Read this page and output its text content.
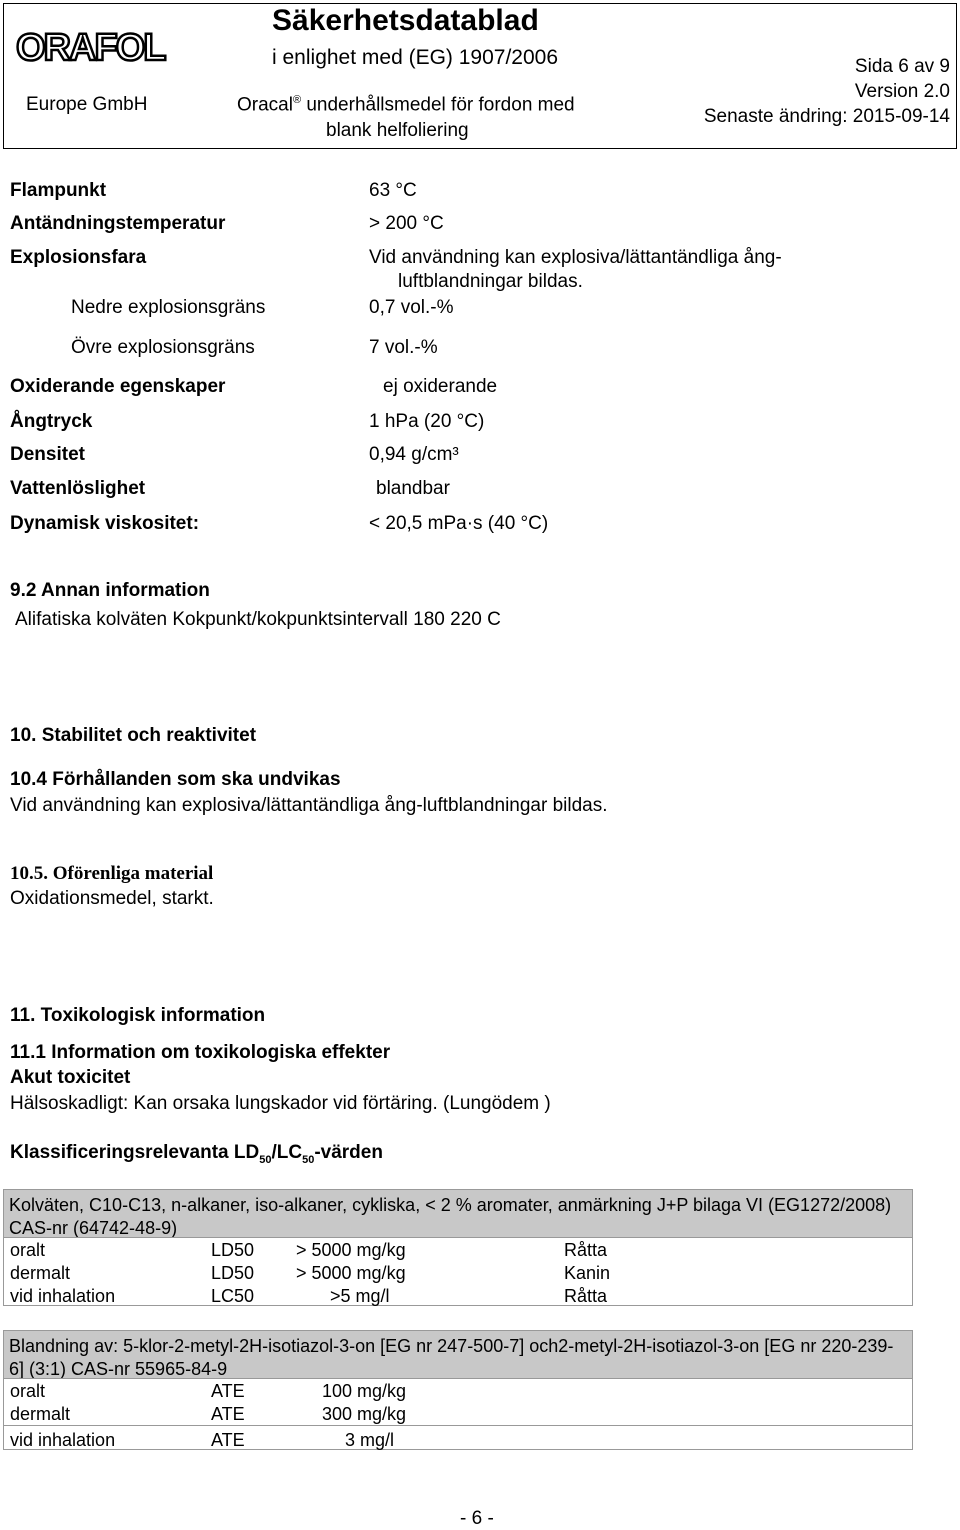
ORAFOL
Säkerhetsdatablad
i enlighet med (EG) 1907/2006
Europe GmbH	Oracal® underhållsmedel för fordon med
blank helfoliering
Sida 6 av 9
Version 2.0
Senaste ändring: 2015-09-14
Flampunkt	63 °C
Antändningstemperatur	> 200 °C
Explosionsfara	Vid användning kan explosiva/lättantändliga ång-
luftblandningar bildas.
Nedre explosionsgräns	0,7 vol.-%
Övre explosionsgräns	7 vol.-%
Oxiderande egenskaper	ej oxiderande
Ångtryck	1 hPa (20 °C)
Densitet	0,94 g/cm³
Vattenlöslighet	blandbar
Dynamisk viskositet:	< 20,5 mPa·s (40 °C)
9.2 Annan information
Alifatiska kolväten Kokpunkt/kokpunktsintervall 180 220 C
10. Stabilitet och reaktivitet
10.4 Förhållanden som ska undvikas
Vid användning kan explosiva/lättantändliga ång-luftblandningar bildas.
10.5. Oförenliga material
Oxidationsmedel, starkt.
11. Toxikologisk information
11.1 Information om toxikologiska effekter
Akut toxicitet
Hälsoskadligt: Kan orsaka lungskador vid förtäring. (Lungödem )
Klassificeringsrelevanta $LD_{50}/LC_{50}$-värden
Kolväten, C10-C13, n-alkaner, iso-alkaner, cykliska, < 2 % aromater, anmärkning J+P bilaga VI (EG1272/2008) CAS-nr (64742-48-9)
oralt	LD50 > 5000 mg/kg	Råtta
dermalt	LD50 > 5000 mg/kg	Kanin
vid inhalation	LC50	>5 mg/l	Råtta
Blandning av: 5-klor-2-metyl-2H-isotiazol-3-on [EG nr 247-500-7] och2-metyl-2H-isotiazol-3-on [EG nr 220-239-6] (3:1) CAS-nr 55965-84-9
oralt	ATE	100 mg/kg
dermalt	ATE	300 mg/kg
vid inhalation	ATE	3 mg/l
- 6 -
